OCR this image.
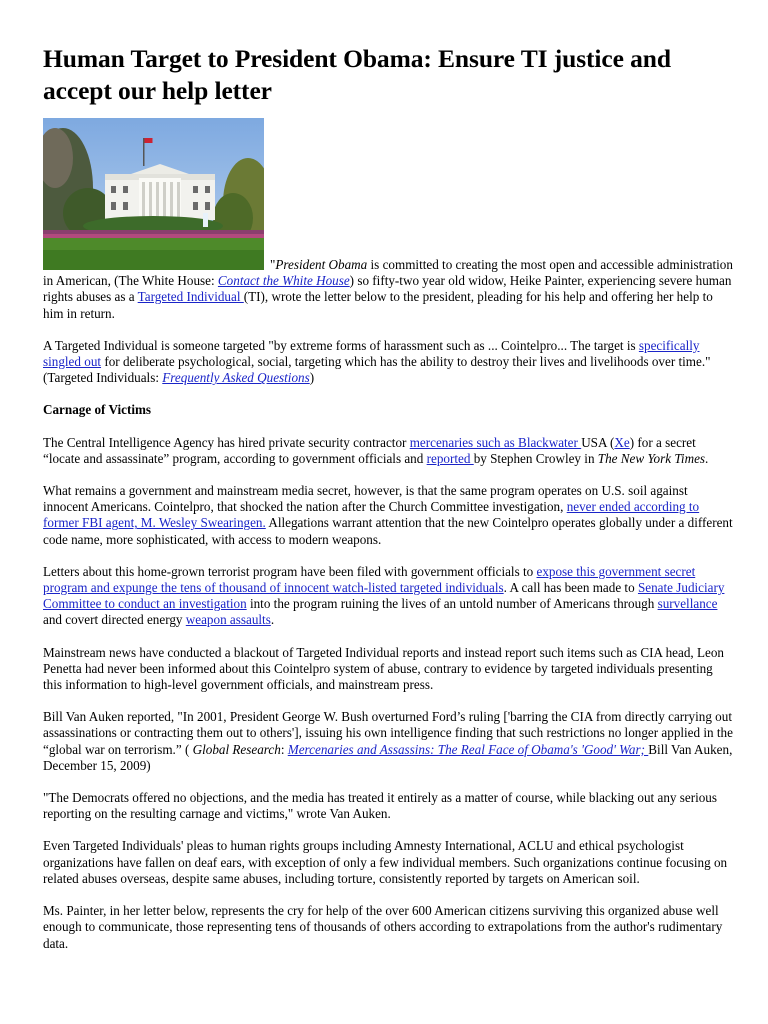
Human Target to President Obama: Ensure TI justice and accept our help letter

"President Obama is committed to creating the most open and accessible administration in American, (The White House: Contact the White House) so fifty-two year old widow, Heike Painter, experiencing severe human rights abuses as a Targeted Individual (TI), wrote the letter below to the president, pleading for his help and offering her help to him in return.

A Targeted Individual is someone targeted "by extreme forms of harassment such as ... Cointelpro... The target is specifically singled out for deliberate psychological, social, targeting which has the ability to destroy their lives and livelihoods over time." (Targeted Individuals: Frequently Asked Questions)

Carnage of Victims

The Central Intelligence Agency has hired private security contractor mercenaries such as Blackwater USA (Xe) for a secret “locate and assassinate” program, according to government officials and reported by Stephen Crowley in The New York Times.

What remains a government and mainstream media secret, however, is that the same program operates on U.S. soil against innocent Americans. Cointelpro, that shocked the nation after the Church Committee investigation, never ended according to former FBI agent, M. Wesley Swearingen. Allegations warrant attention that the new Cointelpro operates globally under a different code name, more sophisticated, with access to modern weapons.

Letters about this home-grown terrorist program have been filed with government officials to expose this government secret program and expunge the tens of thousand of innocent watch-listed targeted individuals. A call has been made to Senate Judiciary Committee to conduct an investigation into the program ruining the lives of an untold number of Americans through survellance and covert directed energy weapon assaults.

Mainstream news have conducted a blackout of Targeted Individual reports and instead report such items such as CIA head, Leon Penetta had never been informed about this Cointelpro system of abuse, contrary to evidence by targeted individuals presenting this information to high-level government officials, and mainstream press.

Bill Van Auken reported, "In 2001, President George W. Bush overturned Ford’s ruling ['barring the CIA from directly carrying out assassinations or contracting them out to others'], issuing his own intelligence finding that such restrictions no longer applied in the “global war on terrorism.” ( Global Research: Mercenaries and Assassins: The Real Face of Obama's 'Good' War; Bill Van Auken, December 15, 2009)

"The Democrats offered no objections, and the media has treated it entirely as a matter of course, while blacking out any serious reporting on the resulting carnage and victims," wrote Van Auken.

Even Targeted Individuals' pleas to human rights groups including Amnesty International, ACLU and ethical psychologist organizations have fallen on deaf ears, with exception of only a few individual members. Such organizations continue focusing on related abuses overseas, despite same abuses, including torture, consistently reported by targets on American soil.

Ms. Painter, in her letter below, represents the cry for help of the over 600 American citizens surviving this organized abuse well enough to communicate, those representing tens of thousands of others according to extrapolations from the author's rudimentary data.
